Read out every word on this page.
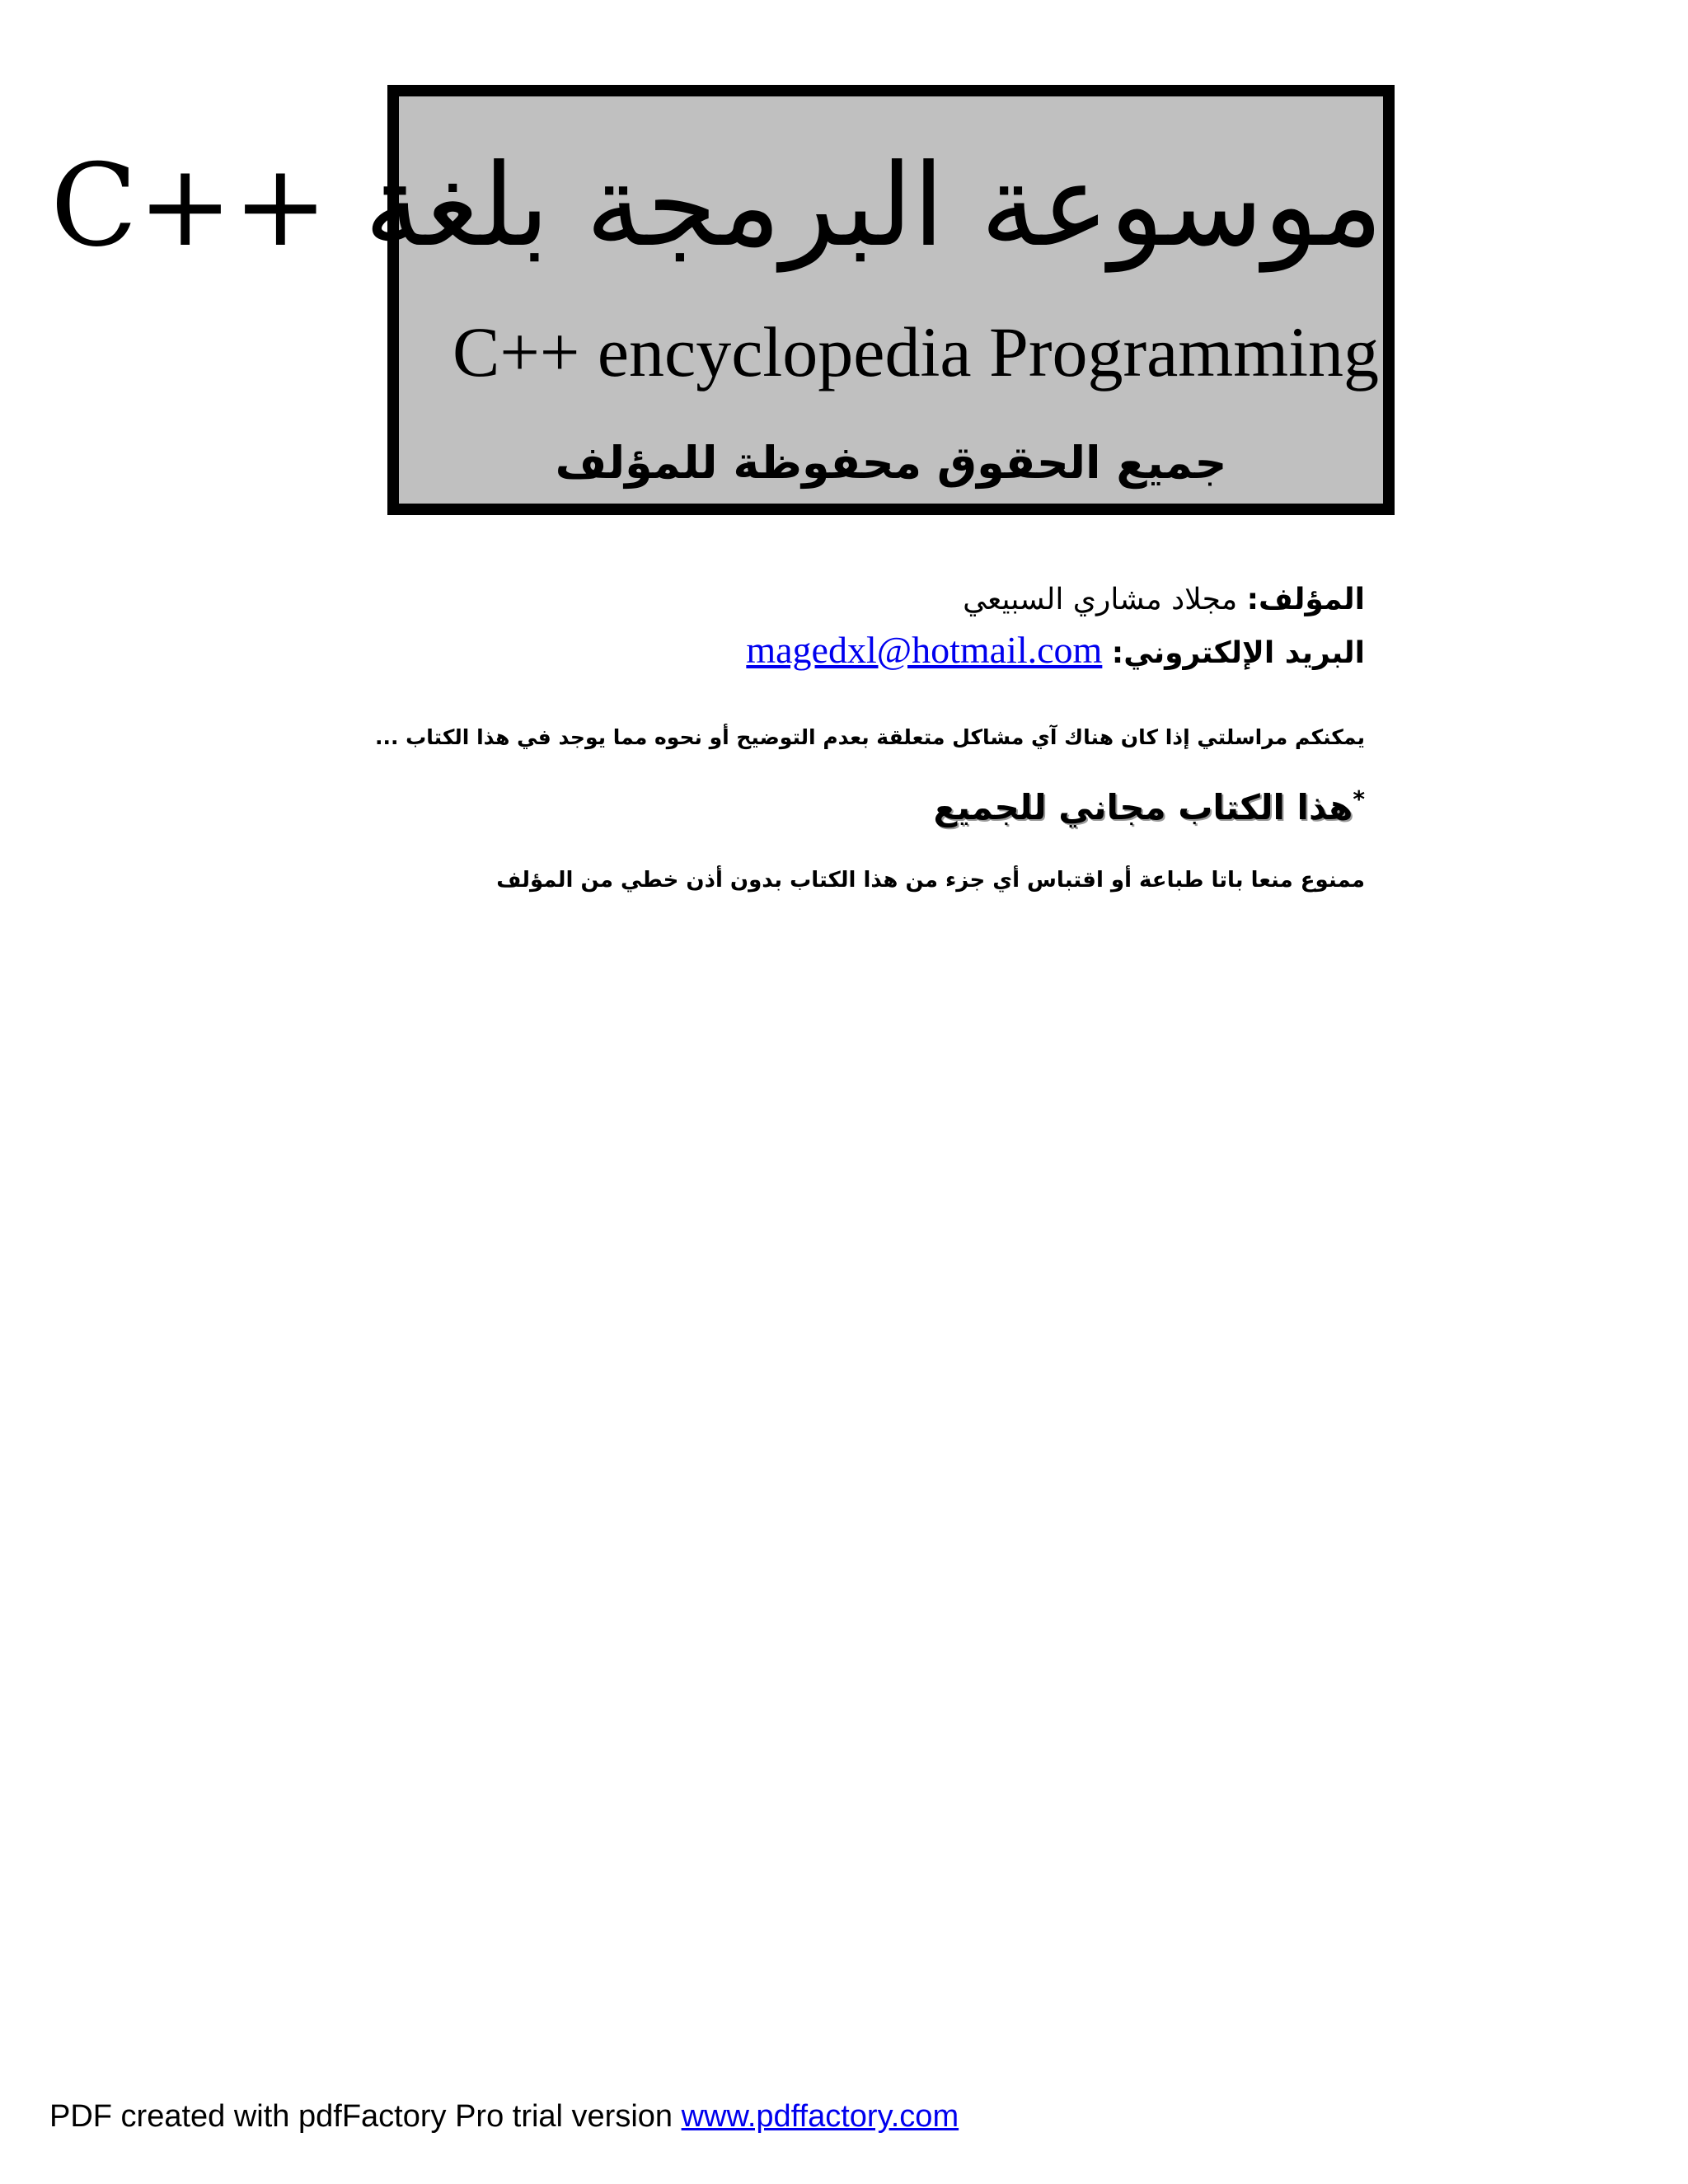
موسوعة البرمجة بلغة ++C
C++ encyclopedia Programming
جميع الحقوق محفوظة للمؤلف
المؤلف: مجلاد مشاري السبيعي
البريد الإلكتروني: magedxl@hotmail.com
يمكنكم مراسلتي إذا كان هناك آي مشاكل متعلقة بعدم التوضيح أو نحوه مما يوجد في هذا الكتاب ...
*هذا الكتاب مجاني للجميع
ممنوع منعا باتا طباعة أو اقتباس أي جزء من هذا الكتاب بدون أذن خطي من المؤلف
PDF created with pdfFactory Pro trial version www.pdffactory.com
